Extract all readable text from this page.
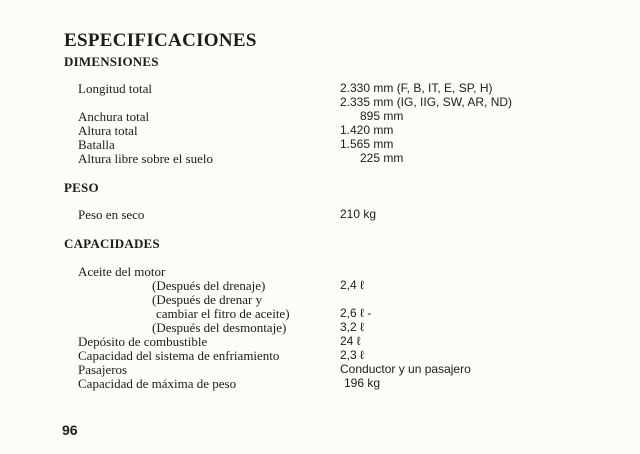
ESPECIFICACIONES
DIMENSIONES
Longitud total	2.330 mm (F, B, IT, E, SP, H)
2.335 mm (IG, IIG, SW, AR, ND)
Anchura total	895 mm
Altura total	1.420 mm
Batalla	1.565 mm
Altura libre sobre el suelo	225 mm
PESO
Peso en seco	210 kg
CAPACIDADES
Aceite del motor
(Después del drenaje)	2,4 ℓ
(Después de drenar y
cambiar el fitro de aceite)	2,6 ℓ -
(Después del desmontaje)	3,2 ℓ
Depósito de combustible	24 ℓ
Capacidad del sistema de enfriamiento	2,3 ℓ
Pasajeros	Conductor y un pasajero
Capacidad de máxima de peso	196 kg
96
